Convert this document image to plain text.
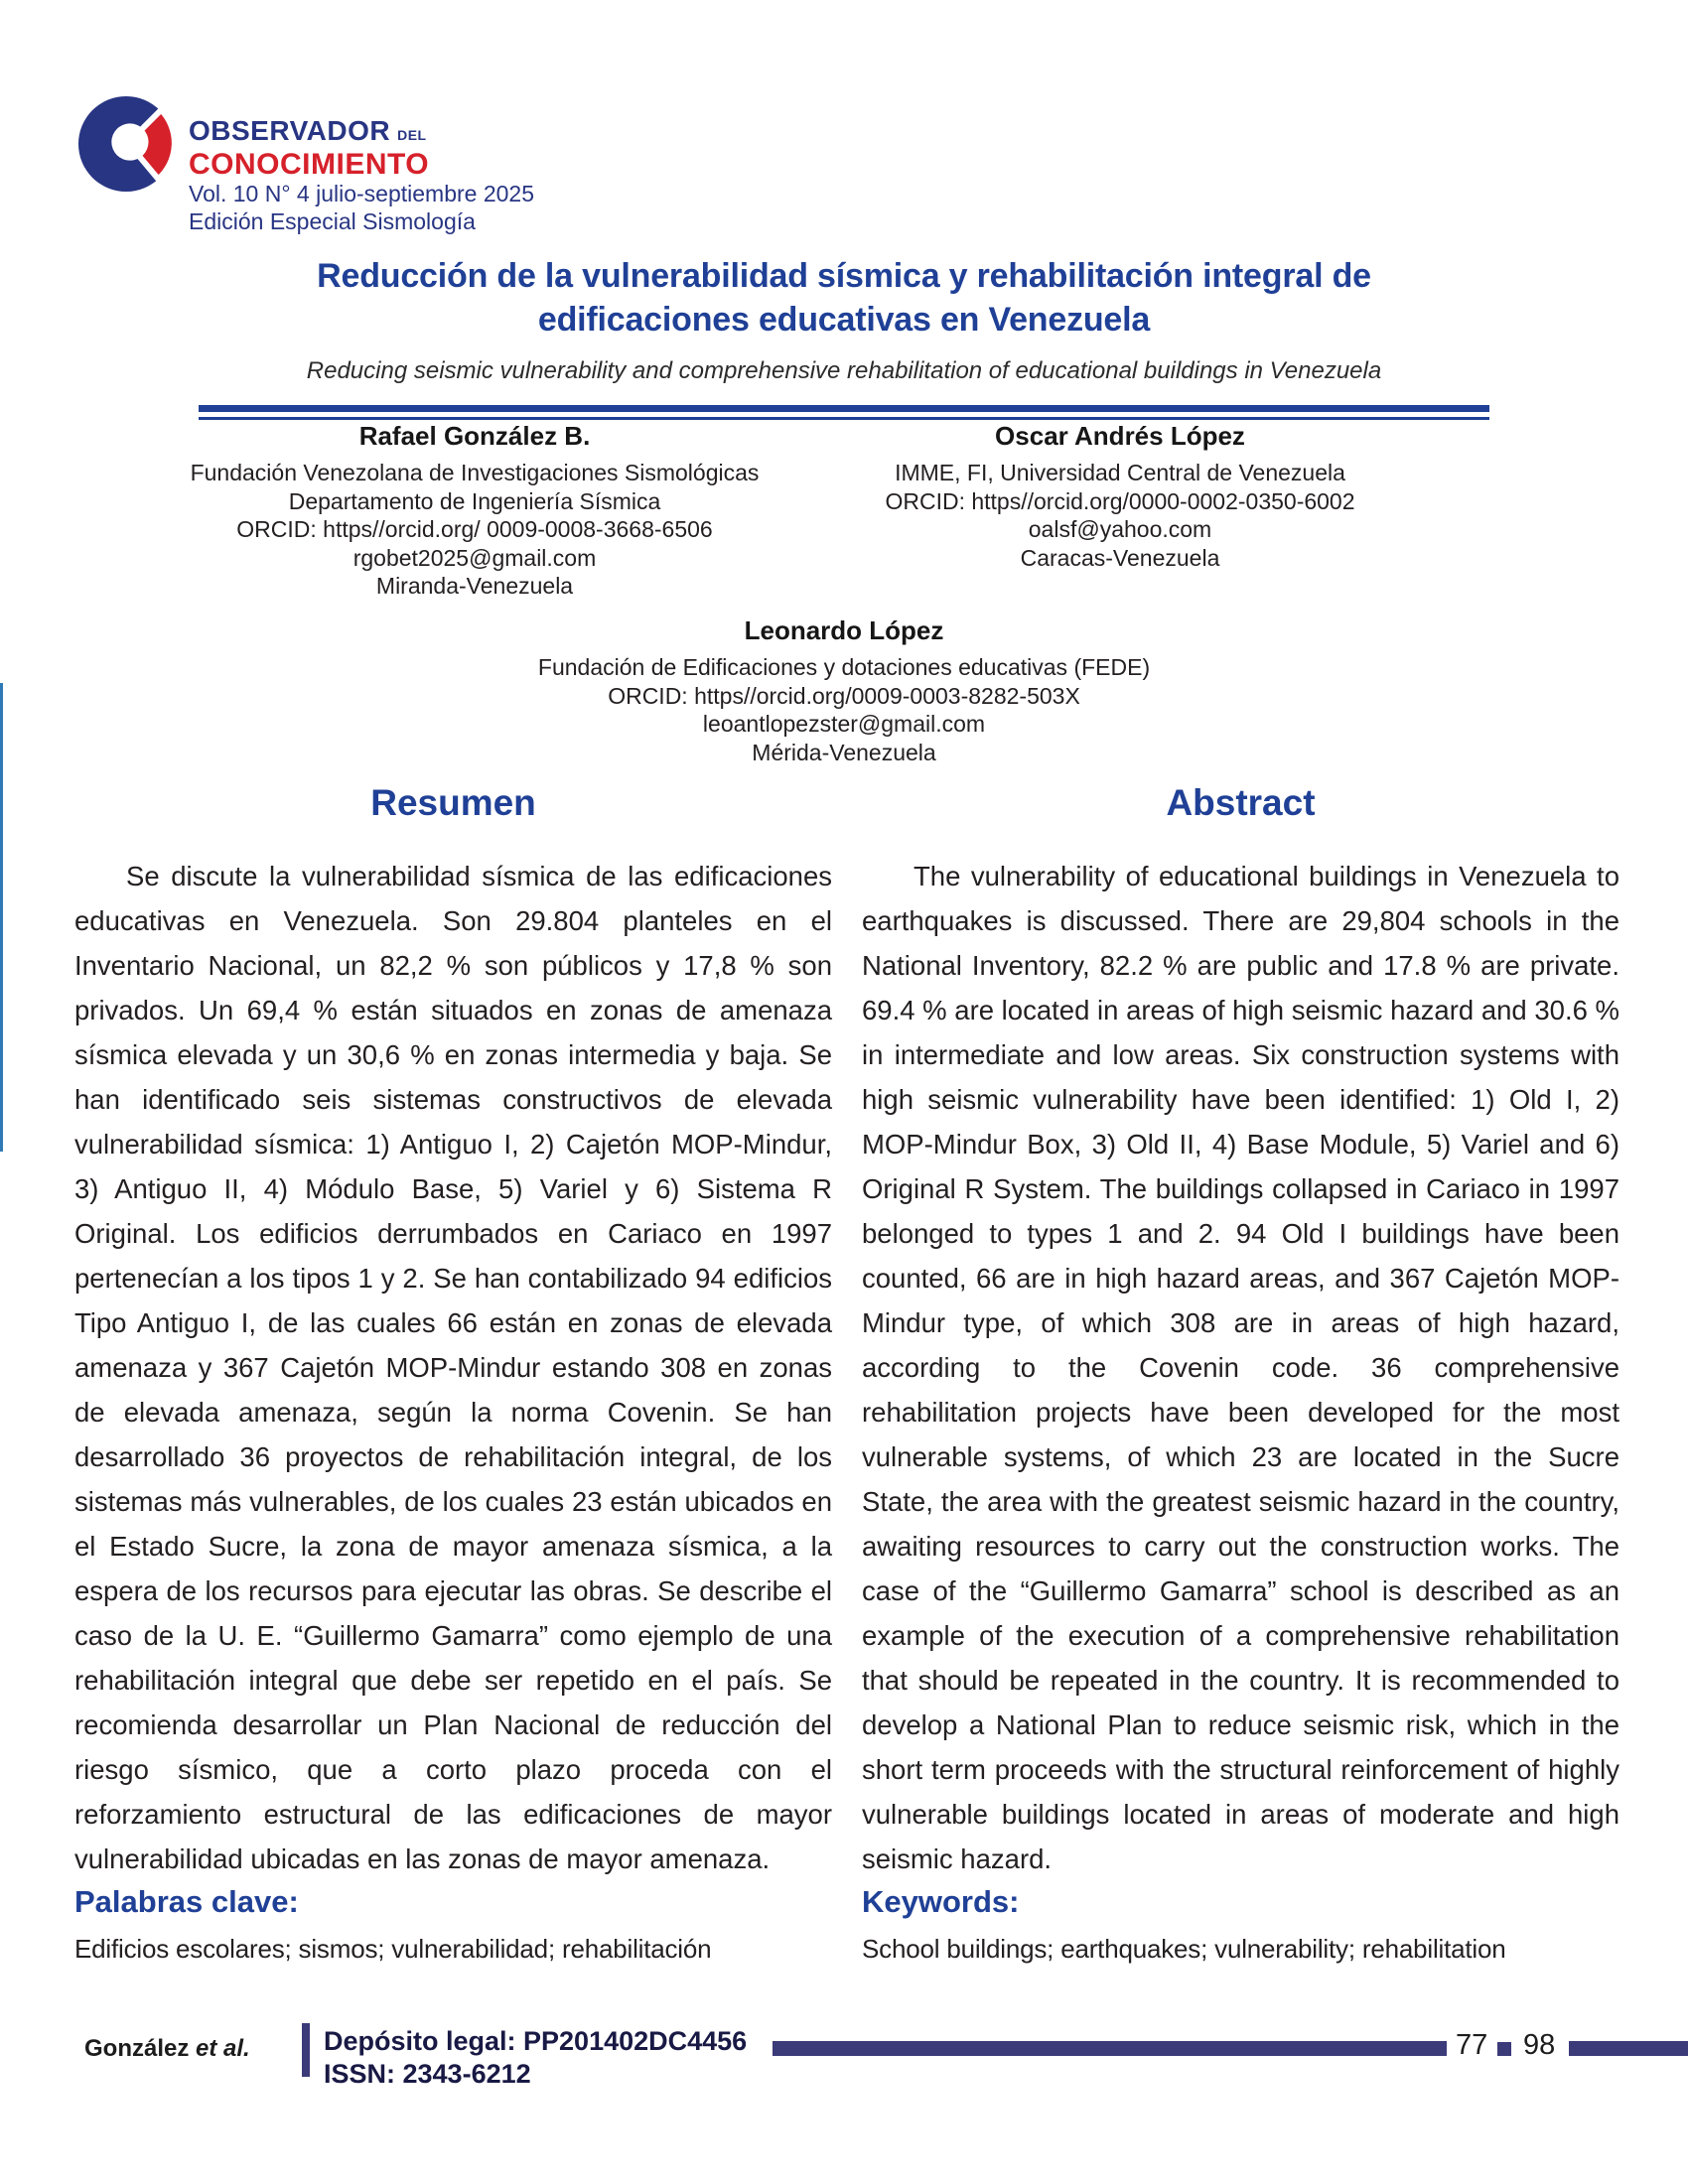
OBSERVADOR DEL
CONOCIMIENTO
Vol. 10 N° 4 julio-septiembre 2025
Edición Especial Sismología
Reducción de la vulnerabilidad sísmica y rehabilitación integral de edificaciones educativas en Venezuela

Reducing seismic vulnerability and comprehensive rehabilitation of educational buildings in Venezuela

Rafael González B.
Fundación Venezolana de Investigaciones Sismológicas
Departamento de Ingeniería Sísmica
ORCID: https//orcid.org/ 0009-0008-3668-6506
rgobet2025@gmail.com
Miranda-Venezuela
Oscar Andrés López
IMME, FI, Universidad Central de Venezuela
ORCID: https//orcid.org/0000-0002-0350-6002
oalsf@yahoo.com
Caracas-Venezuela
Leonardo López
Fundación de Edificaciones y dotaciones educativas (FEDE)
ORCID: https//orcid.org/0009-0003-8282-503X
leoantlopezster@gmail.com
Mérida-Venezuela
Resumen

Se discute la vulnerabilidad sísmica de las edificaciones educativas en Venezuela. Son 29.804 planteles en el Inventario Nacional, un 82,2 % son públicos y 17,8 % son privados. Un 69,4 % están situados en zonas de amenaza sísmica elevada y un 30,6 % en zonas intermedia y baja. Se han identificado seis sistemas constructivos de elevada vulnerabilidad sísmica: 1) Antiguo I, 2) Cajetón MOP-Mindur, 3) Antiguo II, 4) Módulo Base, 5) Variel y 6) Sistema R Original. Los edificios derrumbados en Cariaco en 1997 pertenecían a los tipos 1 y 2. Se han contabilizado 94 edificios Tipo Antiguo I, de las cuales 66 están en zonas de elevada amenaza y 367 Cajetón MOP-Mindur estando 308 en zonas de elevada amenaza, según la norma Covenin. Se han desarrollado 36 proyectos de rehabilitación integral, de los sistemas más vulnerables, de los cuales 23 están ubicados en el Estado Sucre, la zona de mayor amenaza sísmica, a la espera de los recursos para ejecutar las obras. Se describe el caso de la U. E. “Guillermo Gamarra” como ejemplo de una rehabilitación integral que debe ser repetido en el país. Se recomienda desarrollar un Plan Nacional de reducción del riesgo sísmico, que a corto plazo proceda con el reforzamiento estructural de las edificaciones de mayor vulnerabilidad ubicadas en las zonas de mayor amenaza.

Abstract

The vulnerability of educational buildings in Venezuela to earthquakes is discussed. There are 29,804 schools in the National Inventory, 82.2 % are public and 17.8 % are private. 69.4 % are located in areas of high seismic hazard and 30.6 % in intermediate and low areas. Six construction systems with high seismic vulnerability have been identified: 1) Old I, 2) MOP-Mindur Box, 3) Old II, 4) Base Module, 5) Variel and 6) Original R System. The buildings collapsed in Cariaco in 1997 belonged to types 1 and 2. 94 Old I buildings have been counted, 66 are in high hazard areas, and 367 Cajetón MOP-Mindur type, of which 308 are in areas of high hazard, according to the Covenin code. 36 comprehensive rehabilitation projects have been developed for the most vulnerable systems, of which 23 are located in the Sucre State, the area with the greatest seismic hazard in the country, awaiting resources to carry out the construction works. The case of the “Guillermo Gamarra” school is described as an example of the execution of a comprehensive rehabilitation that should be repeated in the country. It is recommended to develop a National Plan to reduce seismic risk, which in the short term proceeds with the structural reinforcement of highly vulnerable buildings located in areas of moderate and high seismic hazard.

Palabras clave:

Edificios escolares; sismos; vulnerabilidad; rehabilitación

Keywords:

School buildings; earthquakes; vulnerability; rehabilitation

González et al.	Depósito legal: PP201402DC4456
ISSN: 2343-6212
77 98
